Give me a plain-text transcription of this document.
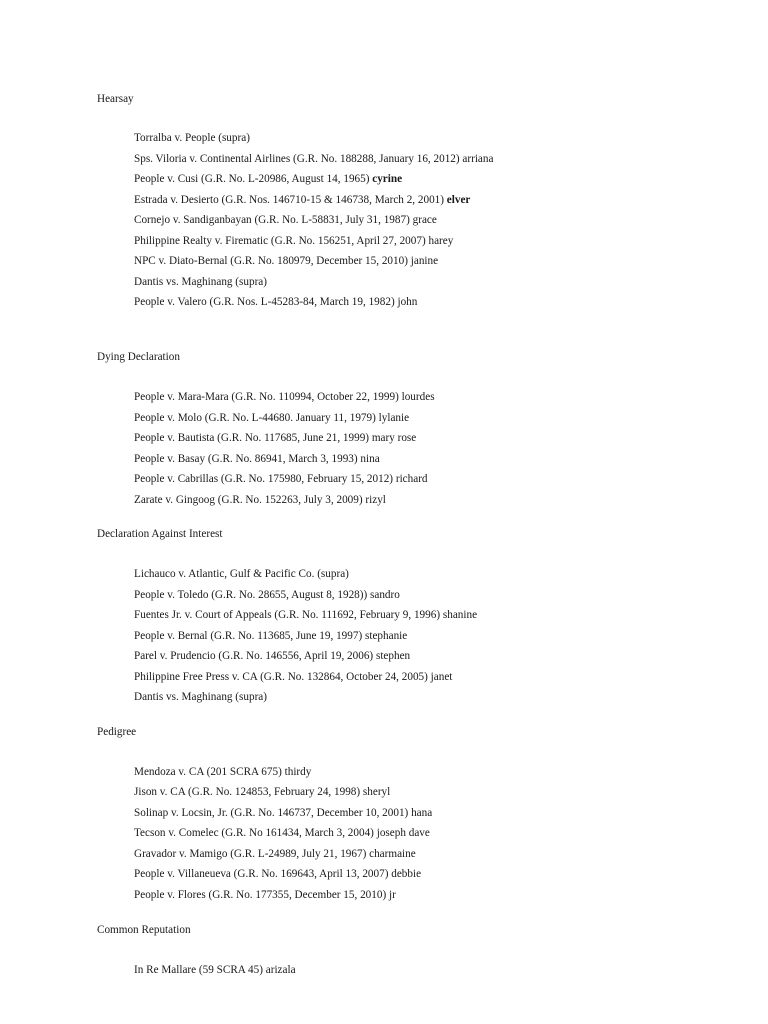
Hearsay
Torralba v. People (supra)
Sps. Viloria v. Continental Airlines (G.R. No. 188288, January 16, 2012) arriana
People v. Cusi (G.R. No. L-20986, August 14, 1965) cyrine
Estrada v. Desierto (G.R. Nos. 146710-15 & 146738, March 2, 2001) elver
Cornejo v. Sandiganbayan (G.R. No. L-58831, July 31, 1987) grace
Philippine Realty v. Firematic (G.R. No. 156251, April 27, 2007) harey
NPC v. Diato-Bernal (G.R. No. 180979, December 15, 2010) janine
Dantis vs. Maghinang (supra)
People v. Valero (G.R. Nos. L-45283-84, March 19, 1982) john
Dying Declaration
People v. Mara-Mara (G.R. No. 110994, October 22, 1999) lourdes
People v. Molo (G.R. No. L-44680. January 11, 1979) lylanie
People v. Bautista (G.R. No. 117685, June 21, 1999) mary rose
People v. Basay (G.R. No. 86941, March 3, 1993) nina
People v. Cabrillas (G.R. No. 175980, February 15, 2012) richard
Zarate v. Gingoog (G.R. No. 152263, July 3, 2009) rizyl
Declaration Against Interest
Lichauco v. Atlantic, Gulf & Pacific Co. (supra)
People v. Toledo (G.R. No. 28655, August 8, 1928)) sandro
Fuentes Jr. v. Court of Appeals (G.R. No. 111692, February 9, 1996) shanine
People v. Bernal (G.R. No. 113685, June 19, 1997) stephanie
Parel v. Prudencio (G.R. No. 146556, April 19, 2006) stephen
Philippine Free Press v. CA (G.R. No. 132864, October 24, 2005) janet
Dantis vs. Maghinang (supra)
Pedigree
Mendoza v. CA (201 SCRA 675) thirdy
Jison v. CA (G.R. No. 124853, February 24, 1998) sheryl
Solinap v. Locsin, Jr. (G.R. No. 146737, December 10, 2001) hana
Tecson v. Comelec (G.R. No 161434, March 3, 2004) joseph dave
Gravador v. Mamigo (G.R. L-24989, July 21, 1967) charmaine
People v. Villaneueva (G.R. No. 169643, April 13, 2007) debbie
People v. Flores (G.R. No. 177355, December 15, 2010) jr
Common Reputation
In Re Mallare (59 SCRA 45) arizala
